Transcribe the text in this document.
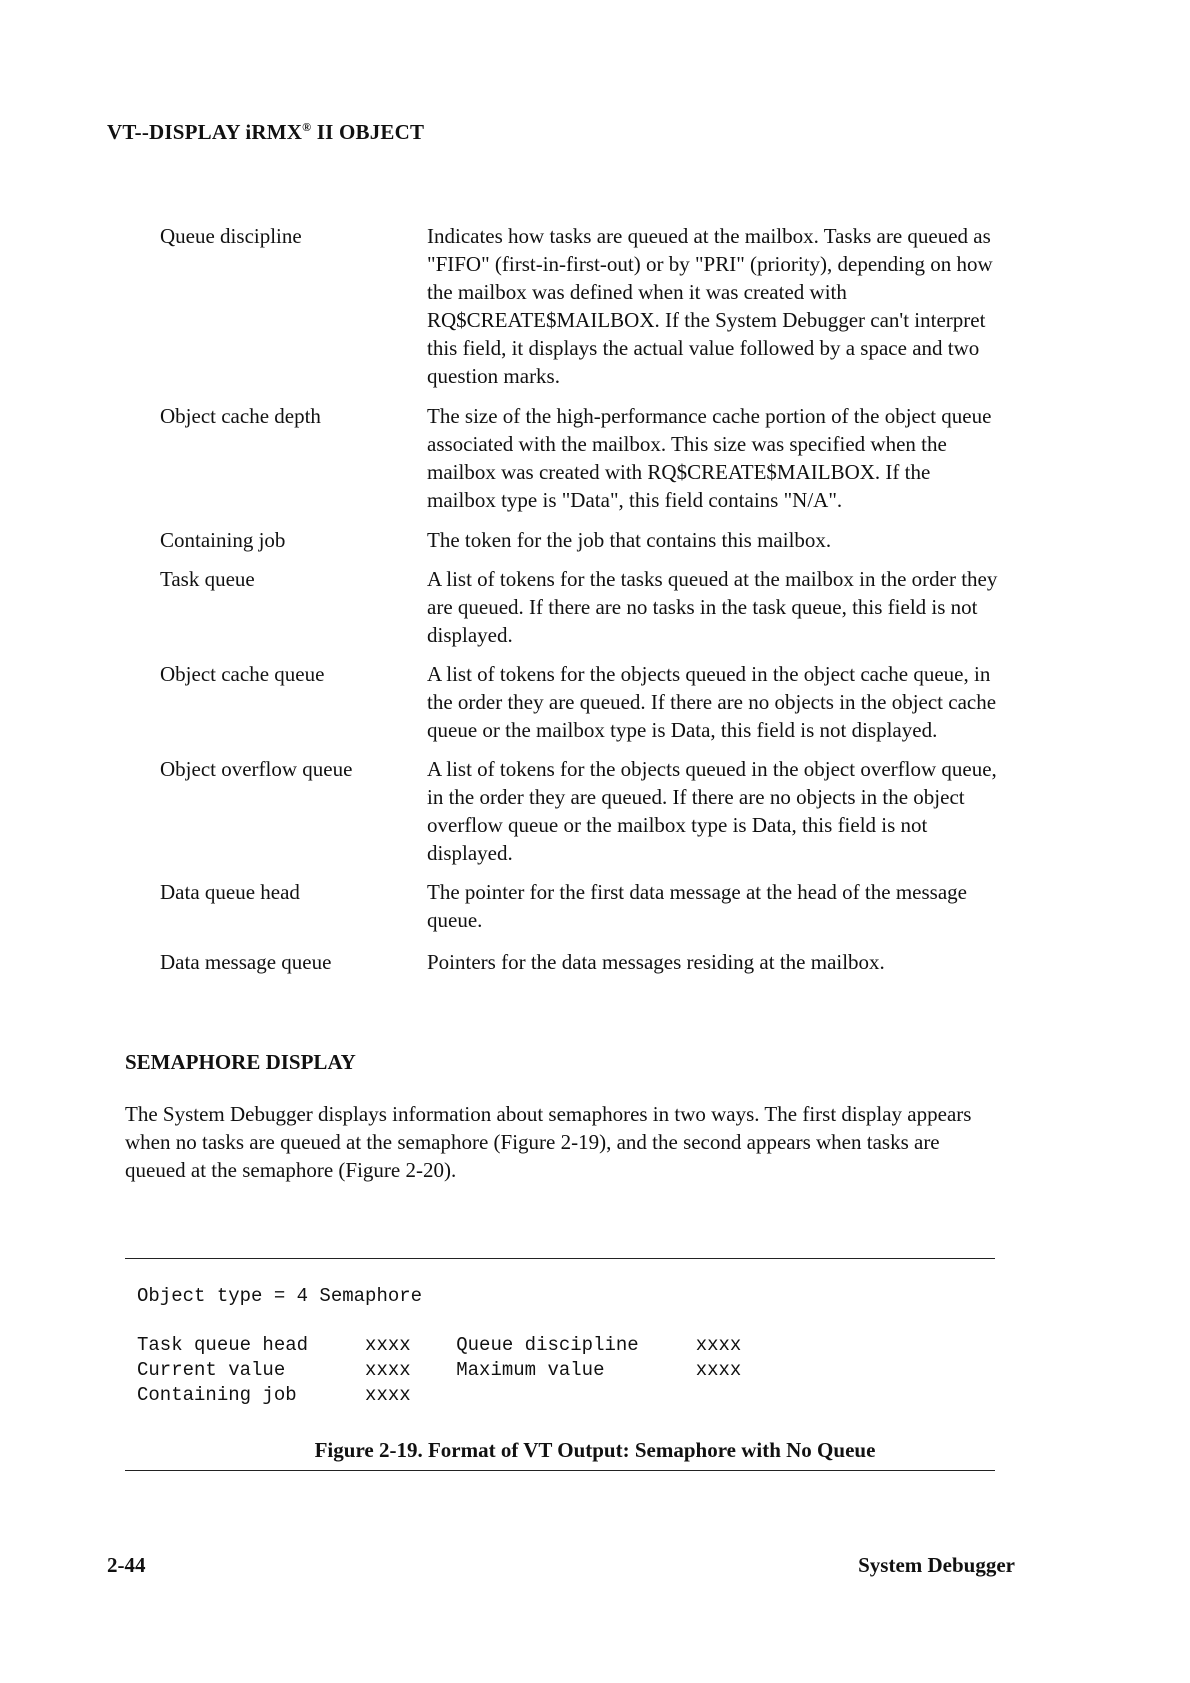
VT--DISPLAY iRMX® II OBJECT
Queue discipline	Indicates how tasks are queued at the mailbox. Tasks are queued as "FIFO" (first-in-first-out) or by "PRI" (priority), depending on how the mailbox was defined when it was created with RQ$CREATE$MAILBOX. If the System Debugger can't interpret this field, it displays the actual value followed by a space and two question marks.
Object cache depth	The size of the high-performance cache portion of the object queue associated with the mailbox. This size was specified when the mailbox was created with RQ$CREATE$MAILBOX. If the mailbox type is "Data", this field contains "N/A".
Containing job	The token for the job that contains this mailbox.
Task queue	A list of tokens for the tasks queued at the mailbox in the order they are queued. If there are no tasks in the task queue, this field is not displayed.
Object cache queue	A list of tokens for the objects queued in the object cache queue, in the order they are queued. If there are no objects in the object cache queue or the mailbox type is Data, this field is not displayed.
Object overflow queue	A list of tokens for the objects queued in the object overflow queue, in the order they are queued. If there are no objects in the object overflow queue or the mailbox type is Data, this field is not displayed.
Data queue head	The pointer for the first data message at the head of the message queue.
Data message queue	Pointers for the data messages residing at the mailbox.
SEMAPHORE DISPLAY
The System Debugger displays information about semaphores in two ways. The first display appears when no tasks are queued at the semaphore (Figure 2-19), and the second appears when tasks are queued at the semaphore (Figure 2-20).
Object type = 4 Semaphore
Task queue head     xxxx    Queue discipline     xxxx
Current value       xxxx    Maximum value        xxxx
Containing job      xxxx
Figure 2-19. Format of VT Output: Semaphore with No Queue
2-44	System Debugger
